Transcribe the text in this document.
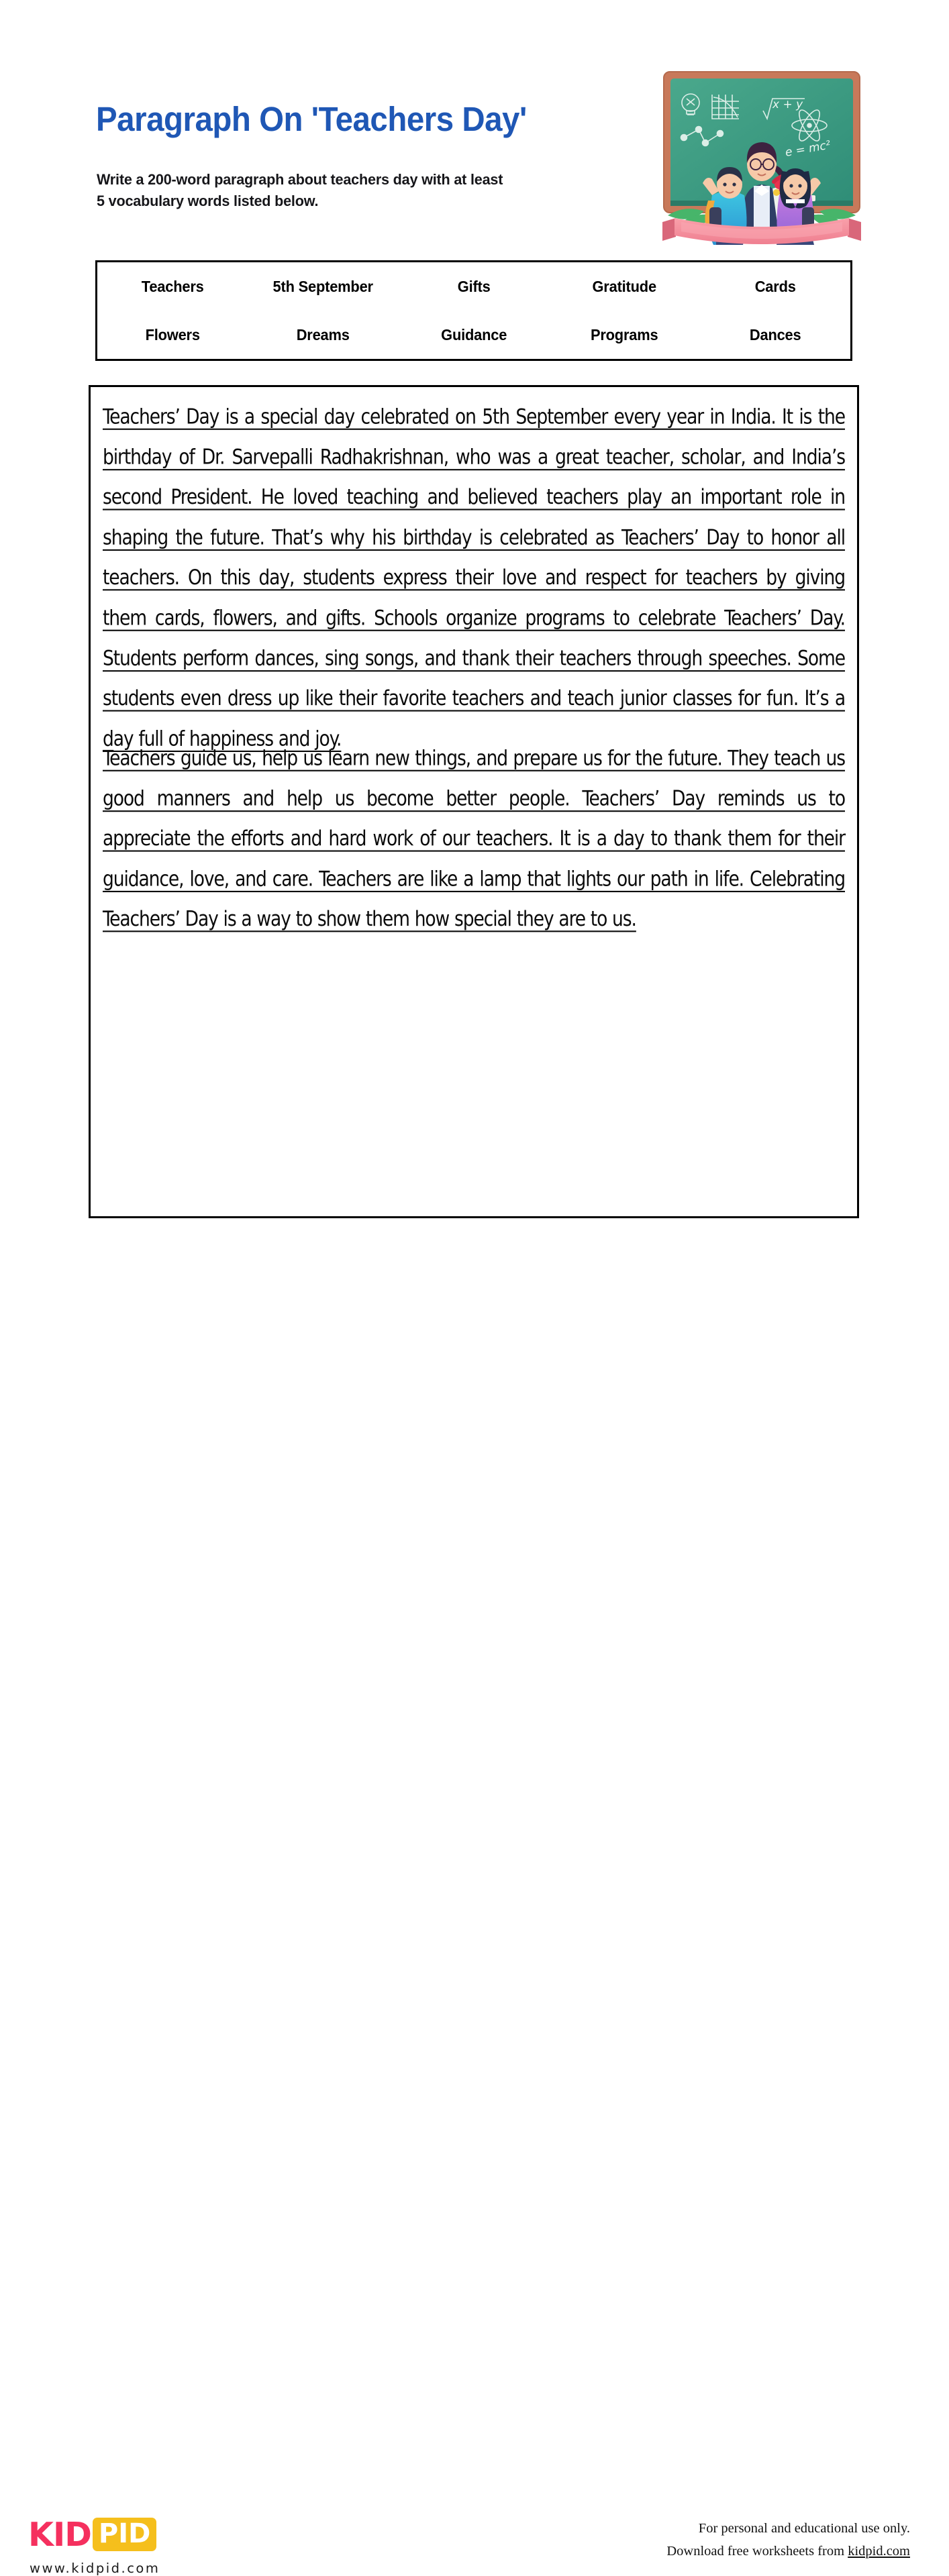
Paragraph On 'Teachers Day'
Write a 200-word paragraph about teachers day with at least 5 vocabulary words listed below.
x + y
e = mc²
Teachers	5th September	Gifts	Gratitude	Cards
Flowers	Dreams	Guidance	Programs	Dances

Teachers’ Day is a special day celebrated on 5th September every year in India. It is the birthday of Dr. Sarvepalli Radhakrishnan, who was a great teacher, scholar, and India’s second President. He loved teaching and believed teachers play an important role in shaping the future. That’s why his birthday is celebrated as Teachers’ Day to honor all teachers. On this day, students express their love and respect for teachers by giving them cards, flowers, and gifts. Schools organize programs to celebrate Teachers’ Day. Students perform dances, sing songs, and thank their teachers through speeches. Some students even dress up like their favorite teachers and teach junior classes for fun. It’s a day full of happiness and joy.

Teachers guide us, help us learn new things, and prepare us for the future. They teach us good manners and help us become better people. Teachers’ Day reminds us to appreciate the efforts and hard work of our teachers. It is a day to thank them for their guidance, love, and care. Teachers are like a lamp that lights our path in life. Celebrating Teachers’ Day is a way to show them how special they are to us.

KID PID
www.kidpid.com
For personal and educational use only.
Download free worksheets from kidpid.com
